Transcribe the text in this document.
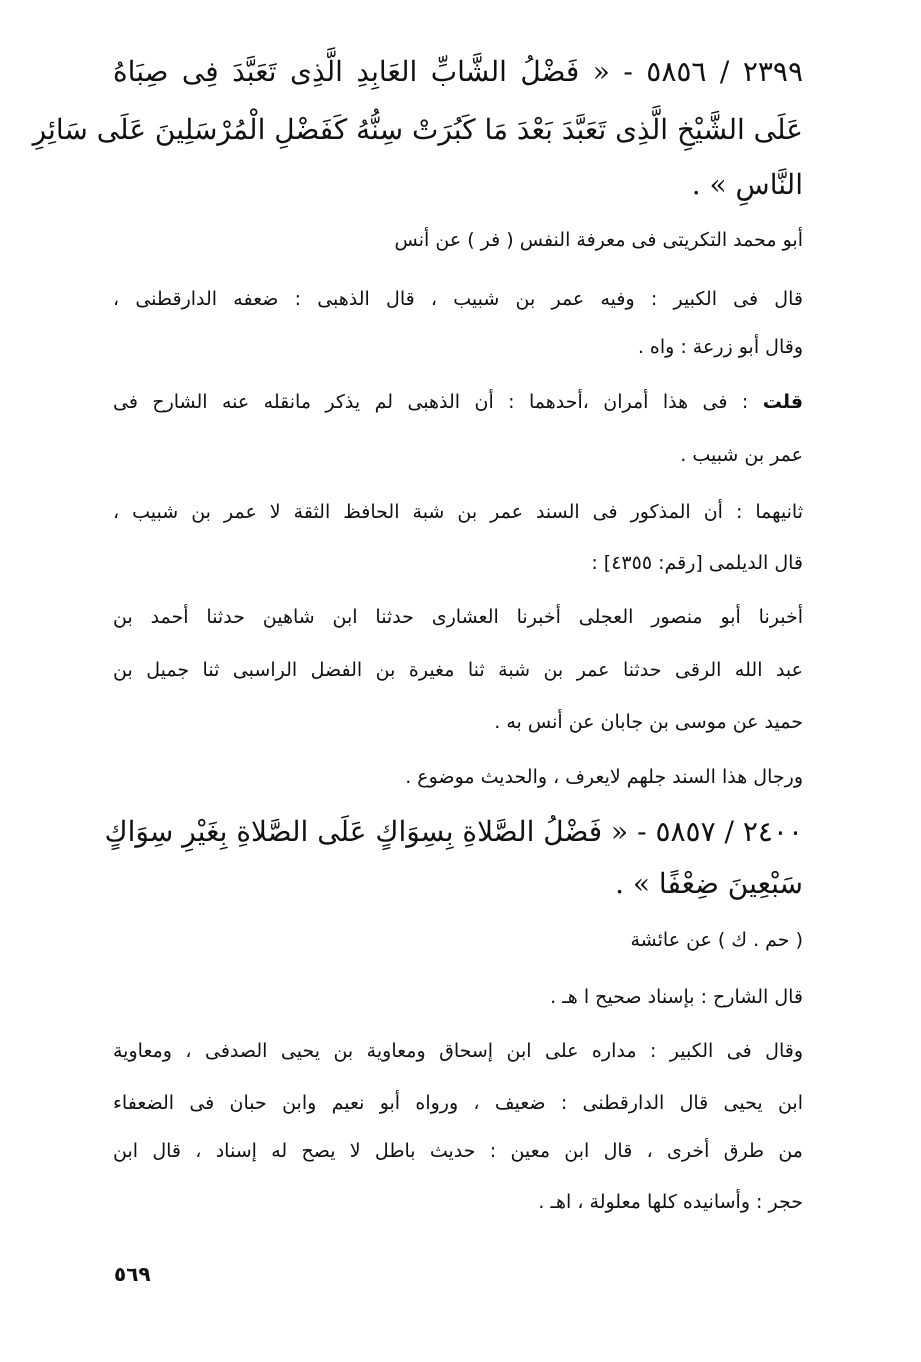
٢٣٩٩ / ٥٨٥٦ - « فَضْلُ الشَّابِّ العَابِدِ الَّذِى تَعَبَّدَ فِى صِبَاهُ
عَلَى الشَّيْخِ الَّذِى تَعَبَّدَ بَعْدَ مَا كَبُرَتْ سِنُّهُ كَفَضْلِ الْمُرْسَلِينَ عَلَى سَائِرِ
النَّاسِ » .
أبو محمد التكريتى فى معرفة النفس ( فر ) عن أنس
قال فى الكبير : وفيه عمر بن شبيب ، قال الذهبى : ضعفه الدارقطنى ،
وقال أبو زرعة : واه .
قلت : فى هذا أمران ،أحدهما : أن الذهبى لم يذكر مانقله عنه الشارح فى
عمر بن شبيب .
ثانيهما : أن المذكور فى السند عمر بن شبة الحافظ الثقة لا عمر بن شبيب ،
قال الديلمى [رقم: ٤٣٥٥] :
أخبرنا أبو منصور العجلى أخبرنا العشارى حدثنا ابن شاهين حدثنا أحمد بن
عبد الله الرقى حدثنا عمر بن شبة ثنا مغيرة بن الفضل الراسبى ثنا جميل بن
حميد عن موسى بن جابان عن أنس به .
ورجال هذا السند جلهم لايعرف ، والحديث موضوع .
٢٤٠٠ / ٥٨٥٧ - « فَضْلُ الصَّلاةِ بِسِوَاكٍ عَلَى الصَّلاةِ بِغَيْرِ سِوَاكٍ
سَبْعِينَ ضِعْفًا » .
( حم . ك ) عن عائشة
قال الشارح : بإسناد صحيح ا هـ .
وقال فى الكبير : مداره على ابن إسحاق ومعاوية بن يحيى الصدفى ، ومعاوية
ابن يحيى قال الدارقطنى : ضعيف ، ورواه أبو نعيم وابن حبان فى الضعفاء
من طرق أخرى ، قال ابن معين : حديث باطل لا يصح له إسناد ، قال ابن
حجر : وأسانيده كلها معلولة ، اهـ .
٥٦٩
